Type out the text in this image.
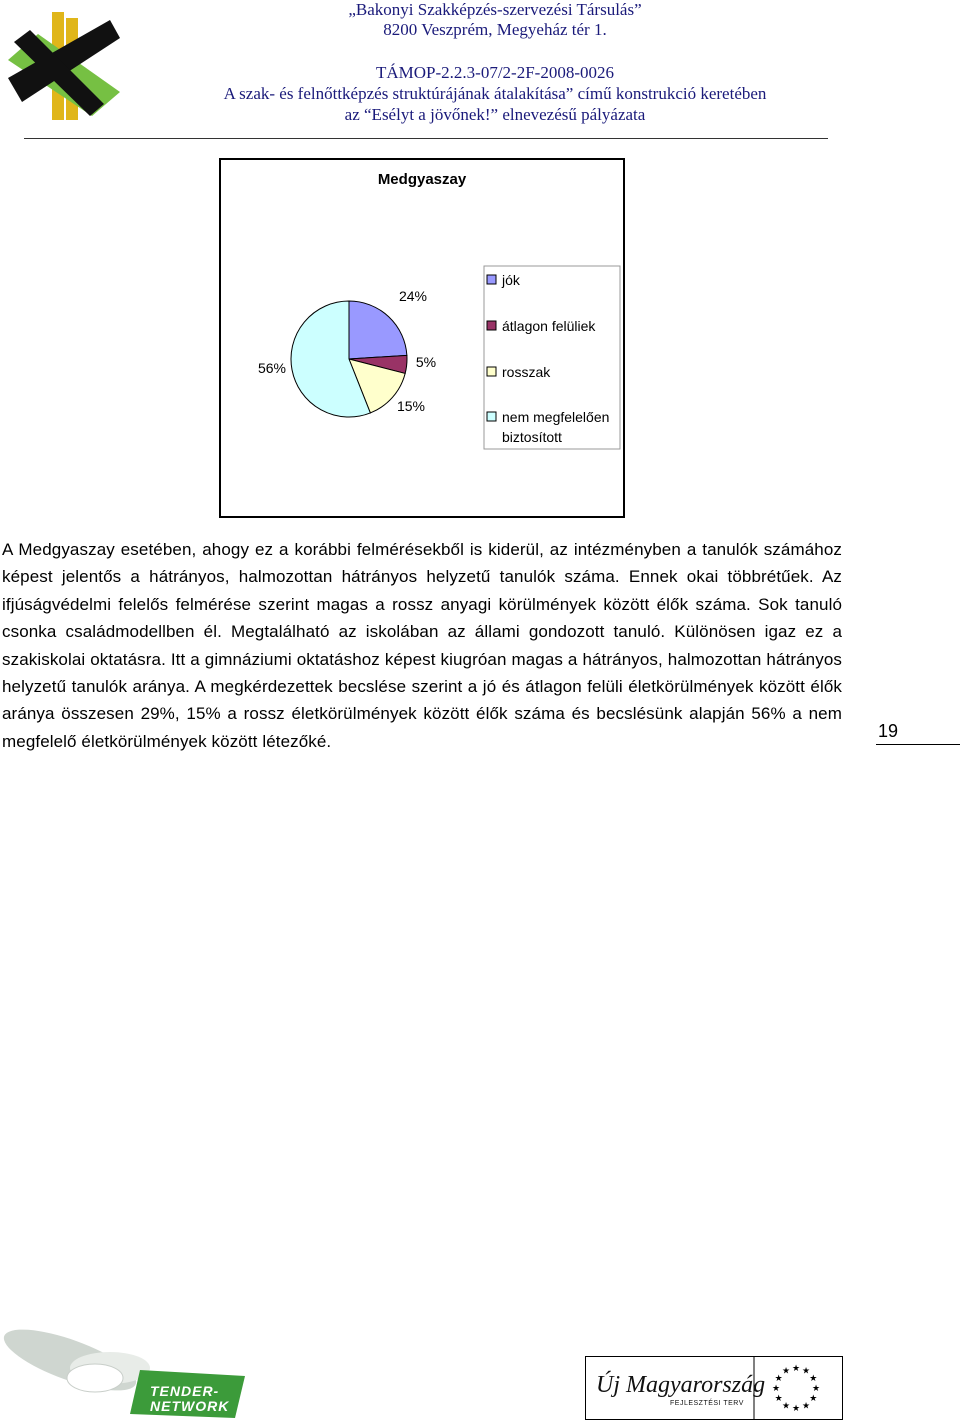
„Bakonyi Szakképzés-szervezési Társulás”
8200 Veszprém, Megyeház tér 1.
TÁMOP-2.2.3-07/2-2F-2008-0026
A szak- és felnőttképzés struktúrájának átalakítása” című konstrukció keretében
az “Esélyt a jövőnek!” elnevezésű pályázata
Medgyaszay
24%
5%
15%
56%
jók
átlagon felüliek
rosszak
nem megfelelően
biztosított
A Medgyaszay esetében, ahogy ez a korábbi felmérésekből is kiderül, az intézményben a tanulók számához képest jelentős a hátrányos, halmozottan hátrányos helyzetű tanulók száma. Ennek okai többrétűek. Az ifjúságvédelmi felelős felmérése szerint magas a rossz anyagi körülmények között élők száma. Sok tanuló csonka családmodellben él. Megtalálható az iskolában az állami gondozott tanuló. Különösen igaz ez a szakiskolai oktatásra. Itt a gimnáziumi oktatáshoz képest kiugróan magas a hátrányos, halmozottan hátrányos helyzetű tanulók aránya. A megkérdezettek becslése szerint a jó és átlagon felüli életkörülmények között élők aránya összesen 29%, 15% a rossz életkörülmények között élők száma és becslésünk alapján 56% a nem megfelelő életkörülmények között létezőké.
19
TENDER-
NETWORK
★
★
★
★
★
★
★
★
★ ★ ★
★
Új Magyarország
FEJLESZTÉSI TERV
